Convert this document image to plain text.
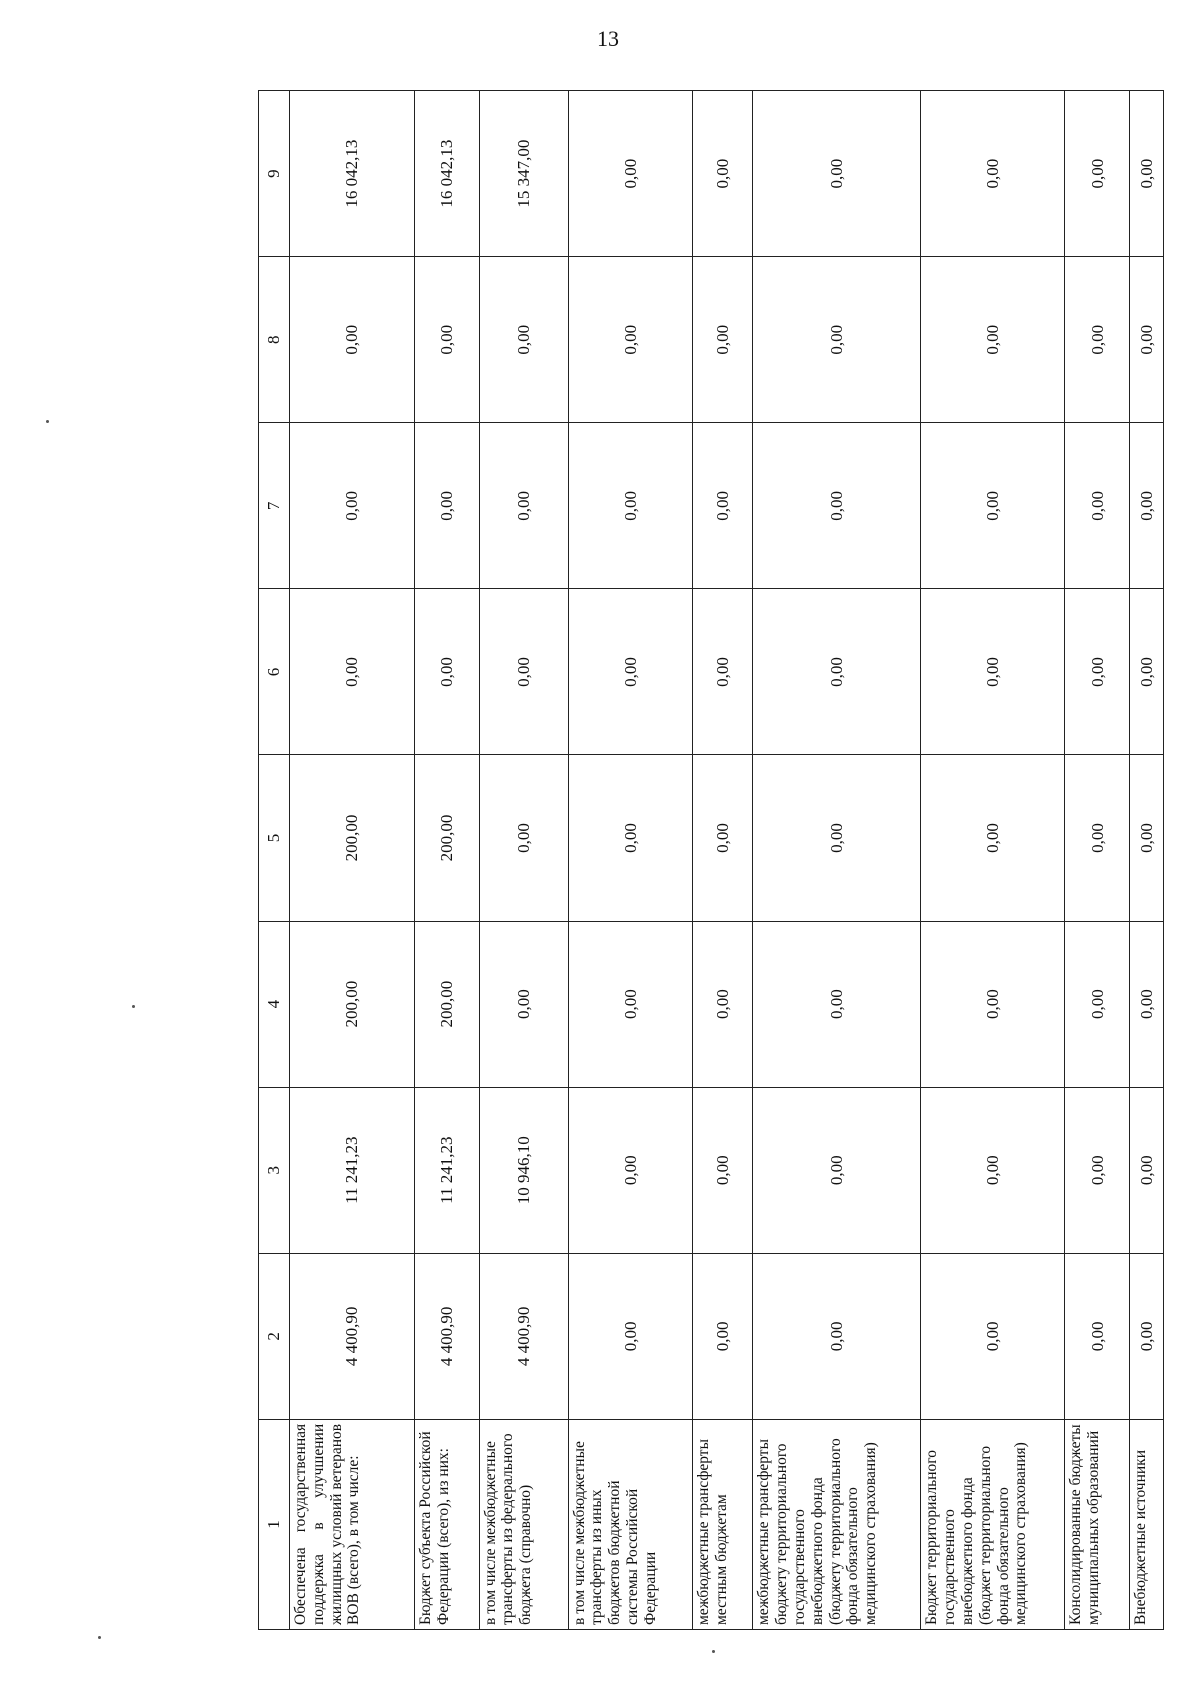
13
1	2	3	4	5	6	7	8	9
Обеспечена государственная поддержка в улучшении жилищных условий ветеранов ВОВ (всего), в том числе:	4 400,90	11 241,23	200,00	200,00	0,00	0,00	0,00	16 042,13
Бюджет субъекта Российской Федерации (всего), из них:	4 400,90	11 241,23	200,00	200,00	0,00	0,00	0,00	16 042,13
в том числе межбюджетные трансферты из федерального бюджета (справочно)	4 400,90	10 946,10	0,00	0,00	0,00	0,00	0,00	15 347,00
в том числе межбюджетные трансферты из иных бюджетов бюджетной системы Российской Федерации	0,00	0,00	0,00	0,00	0,00	0,00	0,00	0,00
межбюджетные трансферты местным бюджетам	0,00	0,00	0,00	0,00	0,00	0,00	0,00	0,00
межбюджетные трансферты бюджету территориального государственного внебюджетного фонда (бюджету территориального фонда обязательного медицинского страхования)	0,00	0,00	0,00	0,00	0,00	0,00	0,00	0,00
Бюджет территориального государственного внебюджетного фонда (бюджет территориального фонда обязательного медицинского страхования)	0,00	0,00	0,00	0,00	0,00	0,00	0,00	0,00
Консолидированные бюджеты муниципальных образований	0,00	0,00	0,00	0,00	0,00	0,00	0,00	0,00
Внебюджетные источники	0,00	0,00	0,00	0,00	0,00	0,00	0,00	0,00
